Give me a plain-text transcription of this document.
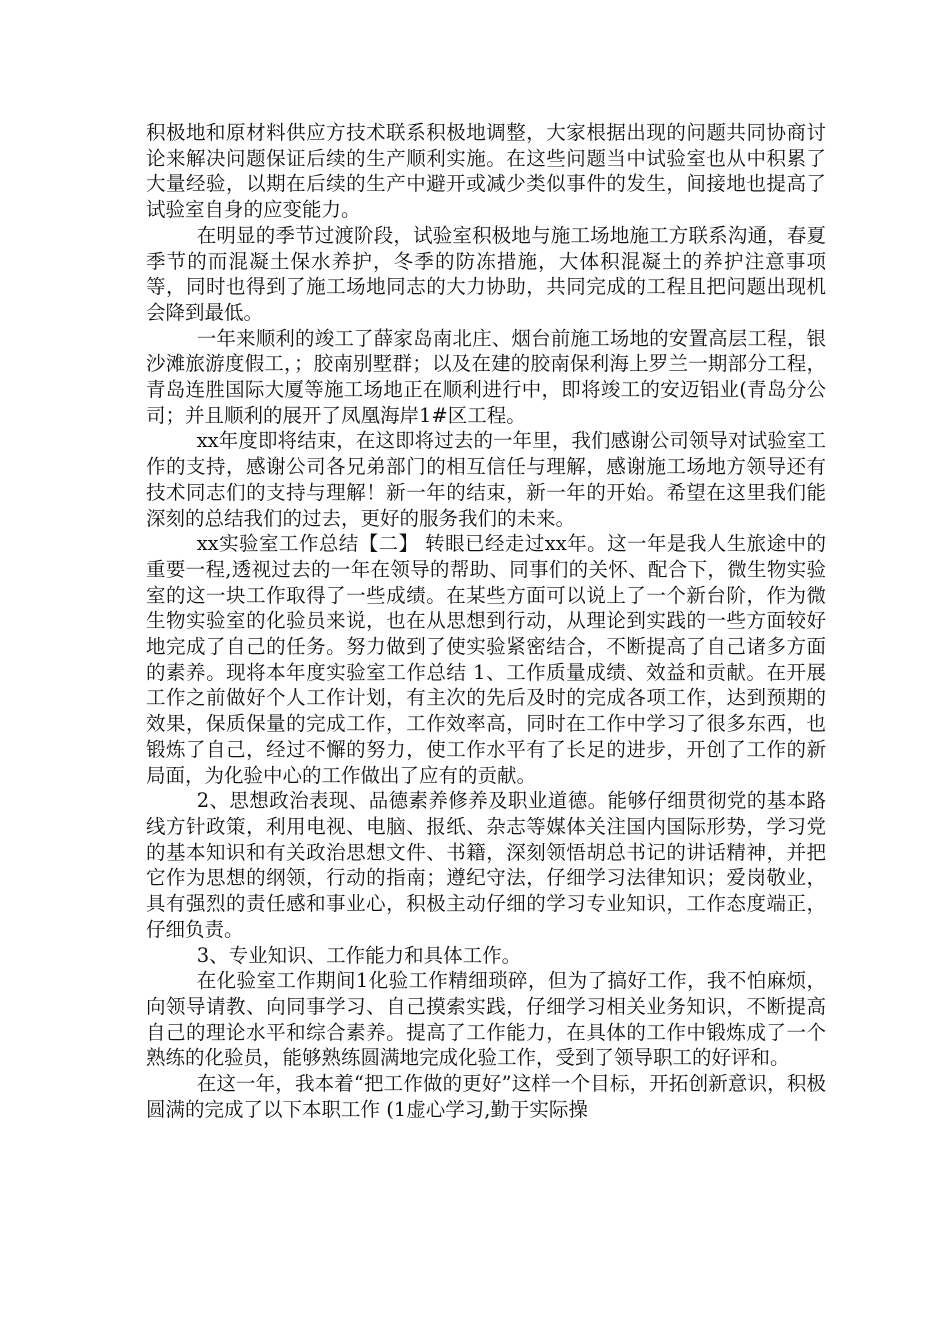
积极地和原材料供应方技术联系积极地调整，大家根据出现的问题共同协商讨论来解决问题保证后续的生产顺利实施。在这些问题当中试验室也从中积累了大量经验，以期在后续的生产中避开或减少类似事件的发生，间接地也提高了试验室自身的应变能力。

在明显的季节过渡阶段，试验室积极地与施工场地施工方联系沟通，春夏季节的而混凝土保水养护，冬季的防冻措施，大体积混凝土的养护注意事项等，同时也得到了施工场地同志的大力协助，共同完成的工程且把问题出现机会降到最低。

一年来顺利的竣工了薛家岛南北庄、烟台前施工场地的安置高层工程，银沙滩旅游度假工，；胶南别墅群；以及在建的胶南保利海上罗兰一期部分工程，青岛连胜国际大厦等施工场地正在顺利进行中，即将竣工的安迈铝业(青岛分公司；并且顺利的展开了凤凰海岸1#区工程。

xx年度即将结束，在这即将过去的一年里，我们感谢公司领导对试验室工作的支持，感谢公司各兄弟部门的相互信任与理解，感谢施工场地方领导还有技术同志们的支持与理解！新一年的结束，新一年的开始。希望在这里我们能深刻的总结我们的过去，更好的服务我们的未来。

xx实验室工作总结【二】 转眼已经走过xx年。这一年是我人生旅途中的重要一程,透视过去的一年在领导的帮助、同事们的关怀、配合下，微生物实验室的这一块工作取得了一些成绩。在某些方面可以说上了一个新台阶，作为微生物实验室的化验员来说，也在从思想到行动，从理论到实践的一些方面较好地完成了自己的任务。努力做到了使实验紧密结合，不断提高了自己诸多方面的素养。现将本年度实验室工作总结 1、工作质量成绩、效益和贡献。在开展工作之前做好个人工作计划，有主次的先后及时的完成各项工作，达到预期的效果，保质保量的完成工作，工作效率高，同时在工作中学习了很多东西，也锻炼了自己，经过不懈的努力，使工作水平有了长足的进步，开创了工作的新局面，为化验中心的工作做出了应有的贡献。

2、思想政治表现、品德素养修养及职业道德。能够仔细贯彻党的基本路线方针政策，利用电视、电脑、报纸、杂志等媒体关注国内国际形势，学习党的基本知识和有关政治思想文件、书籍，深刻领悟胡总书记的讲话精神，并把它作为思想的纲领，行动的指南；遵纪守法，仔细学习法律知识；爱岗敬业，具有强烈的责任感和事业心，积极主动仔细的学习专业知识，工作态度端正，仔细负责。

3、专业知识、工作能力和具体工作。

在化验室工作期间1化验工作精细琐碎，但为了搞好工作，我不怕麻烦，向领导请教、向同事学习、自己摸索实践，仔细学习相关业务知识，不断提高自己的理论水平和综合素养。提高了工作能力，在具体的工作中锻炼成了一个熟练的化验员，能够熟练圆满地完成化验工作，受到了领导职工的好评和。

在这一年，我本着“把工作做的更好”这样一个目标，开拓创新意识，积极圆满的完成了以下本职工作 (1虚心学习,勤于实际操
